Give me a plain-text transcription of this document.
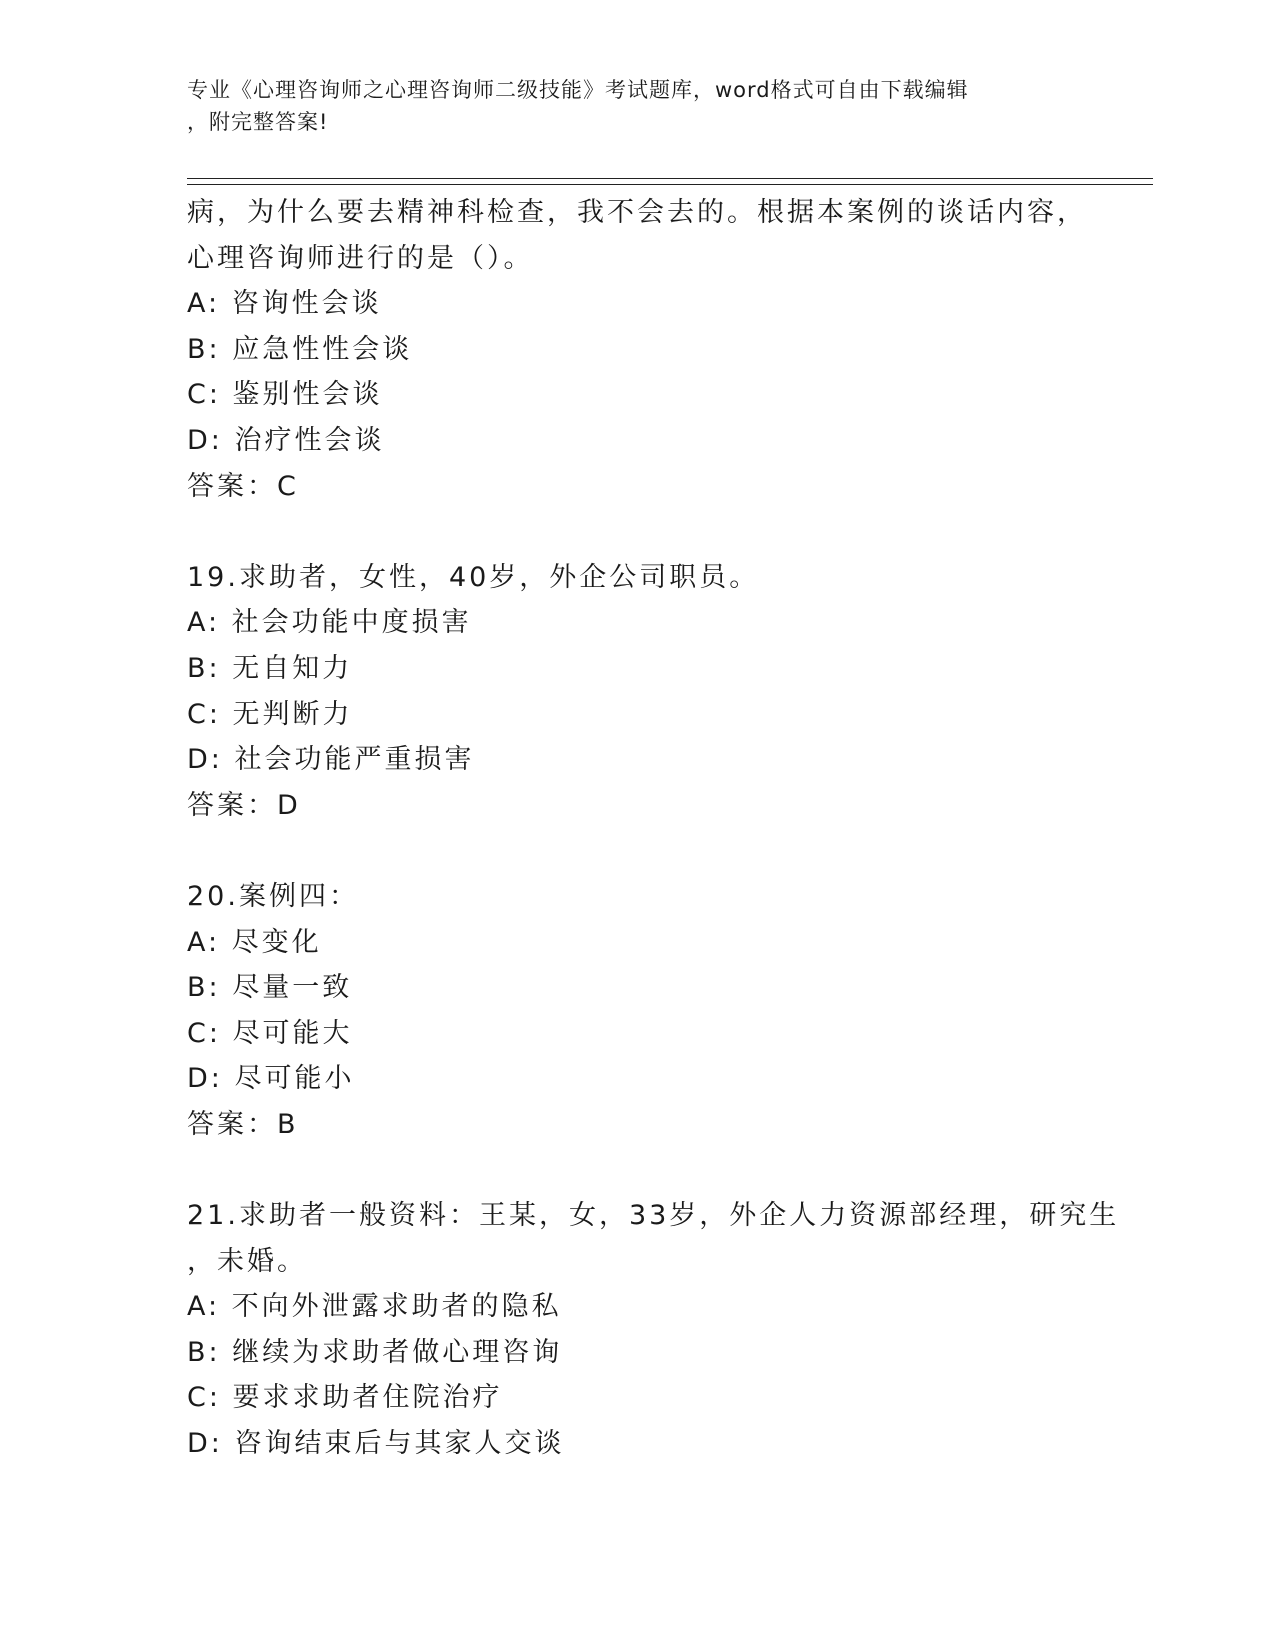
专业《心理咨询师之心理咨询师二级技能》考试题库，word格式可自由下载编辑
，附完整答案!
病，为什么要去精神科检查，我不会去的。根据本案例的谈话内容，
心理咨询师进行的是（）。
A: 咨询性会谈
B: 应急性性会谈
C: 鉴别性会谈
D: 治疗性会谈
答案：C
19.求助者，女性，40岁，外企公司职员。
A: 社会功能中度损害
B: 无自知力
C: 无判断力
D: 社会功能严重损害
答案：D
20.案例四：
A: 尽变化
B: 尽量一致
C: 尽可能大
D: 尽可能小
答案：B
21.求助者一般资料：王某，女，33岁，外企人力资源部经理，研究生
，未婚。
A: 不向外泄露求助者的隐私
B: 继续为求助者做心理咨询
C: 要求求助者住院治疗
D: 咨询结束后与其家人交谈
